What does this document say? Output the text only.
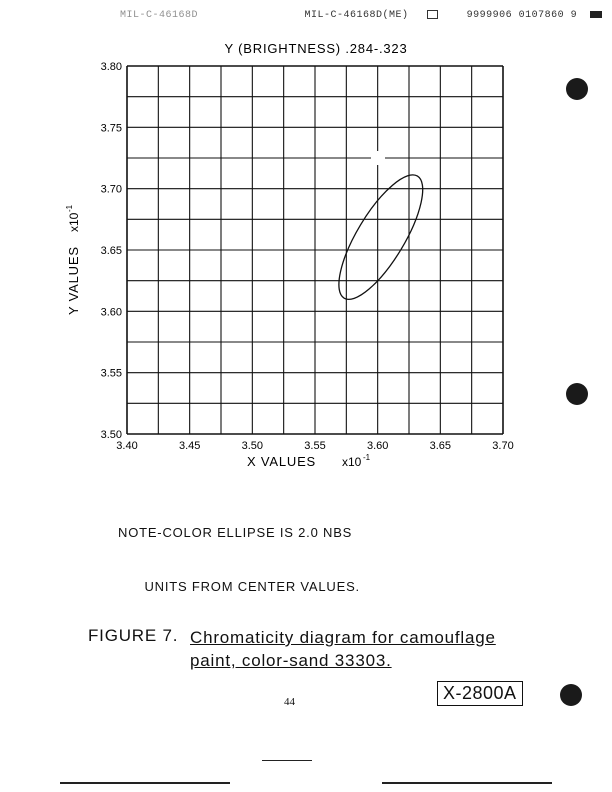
MIL-C-46168D	MIL-C-46168D(ME)	9999906 0107860 9
3.40	3.45	3.50	3.55	3.60	3.65	3.70
3.50
3.55
3.60
3.65
3.70
3.75
3.80
Y (BRIGHTNESS) .284-.323
X VALUES x10 -1
Y VALUES
x10
-1

NOTE-COLOR ELLIPSE IS 2.0 NBS

UNITS FROM CENTER VALUES.

FIGURE 7. Chromaticity diagram for camouflage
paint, color-sand 33303.
X-2800A
44
